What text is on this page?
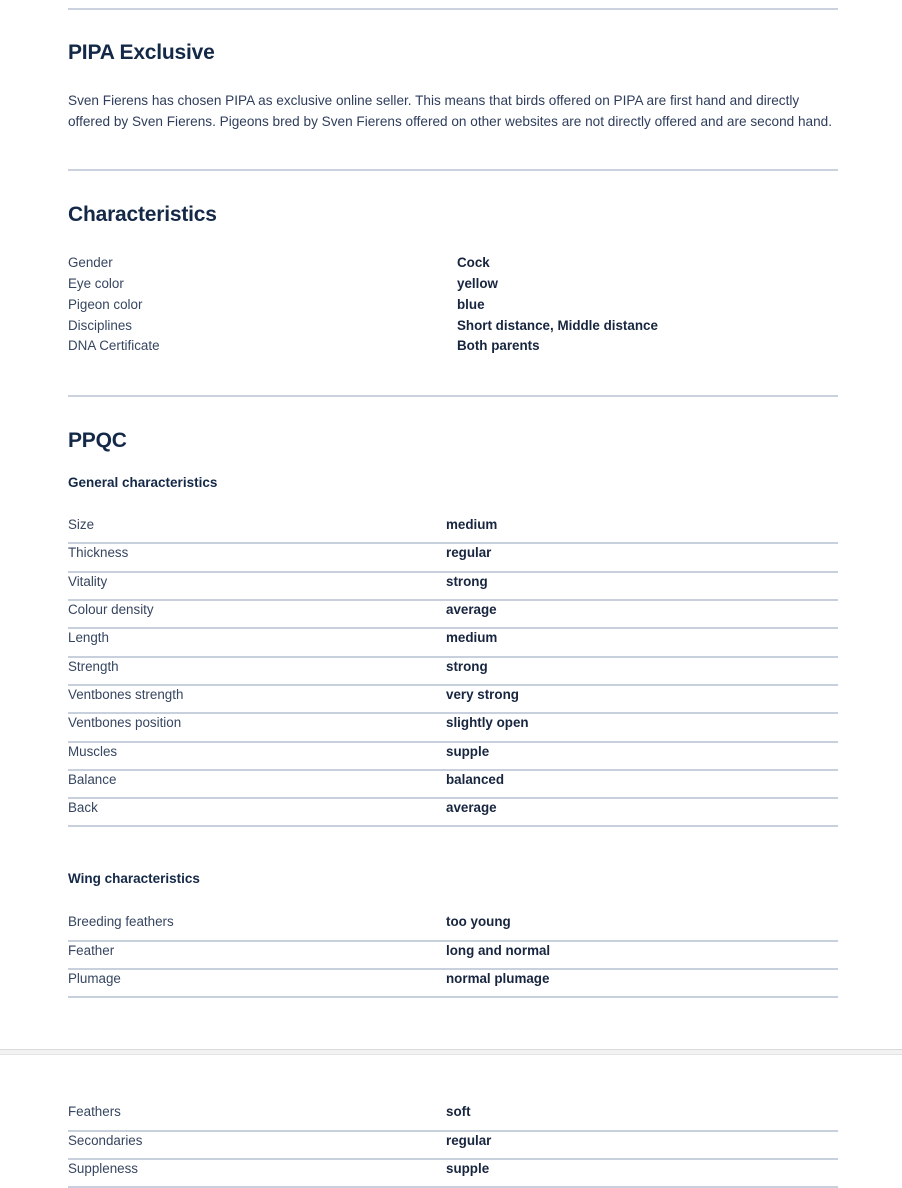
PIPA Exclusive

Sven Fierens has chosen PIPA as exclusive online seller. This means that birds offered on PIPA are first hand and directly offered by Sven Fierens. Pigeons bred by Sven Fierens offered on other websites are not directly offered and are second hand.

Characteristics
Gender	Cock
Eye color	yellow
Pigeon color	blue
Disciplines	Short distance, Middle distance
DNA Certificate	Both parents
PPQC
General characteristics
Size	medium
Thickness	regular
Vitality	strong
Colour density	average
Length	medium
Strength	strong
Ventbones strength	very strong
Ventbones position	slightly open
Muscles	supple
Balance	balanced
Back	average
Wing characteristics
Breeding feathers	too young
Feather	long and normal
Plumage	normal plumage
Feathers	soft
Secondaries	regular
Suppleness	supple
